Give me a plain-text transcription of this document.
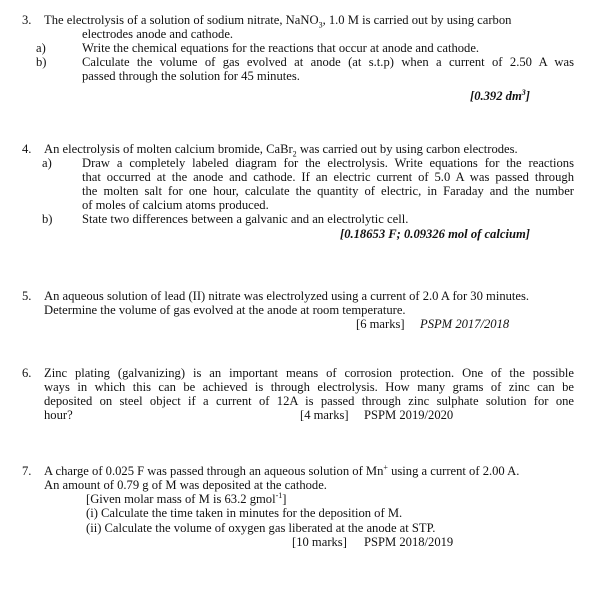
3. The electrolysis of a solution of sodium nitrate, NaNO$_3$, 1.0 M is carried out by using carbon
electrodes anode and cathode.
a)	Write the chemical equations for the reactions that occur at anode and cathode.
b)	Calculate the volume of gas evolved at anode (at s.t.p) when a current of 2.50 A was
passed through the solution for 45 minutes.
[0.392 $dm^3$]
4. An electrolysis of molten calcium bromide, CaBr$_2$ was carried out by using carbon electrodes.
a) Draw a completely labeled diagram for the electrolysis. Write equations for the reactions
that occurred at the anode and cathode. If an electric current of 5.0 A was passed through
the molten salt for one hour, calculate the quantity of electric, in Faraday and the number
of moles of calcium atoms produced.
b) State two differences between a galvanic and an electrolytic cell.
[0.18653 F; 0.09326 mol of calcium]
5. An aqueous solution of lead (II) nitrate was electrolyzed using a current of 2.0 A for 30 minutes.
Determine the volume of gas evolved at the anode at room temperature.
[6 marks] PSPM 2017/2018
6. Zinc plating (galvanizing) is an important means of corrosion protection. One of the possible
ways in which this can be achieved is through electrolysis. How many grams of zinc can be
deposited on steel object if a current of 12A is passed through zinc sulphate solution for one
hour?	[4 marks] PSPM 2019/2020
7. A charge of 0.025 F was passed through an aqueous solution of Mn+ using a current of 2.00 A.
An amount of 0.79 g of M was deposited at the cathode.
[Given molar mass of M is 63.2 gmol$^{-1}$]
(i) Calculate the time taken in minutes for the deposition of M.
(ii) Calculate the volume of oxygen gas liberated at the anode at STP.
[10 marks] PSPM 2018/2019
